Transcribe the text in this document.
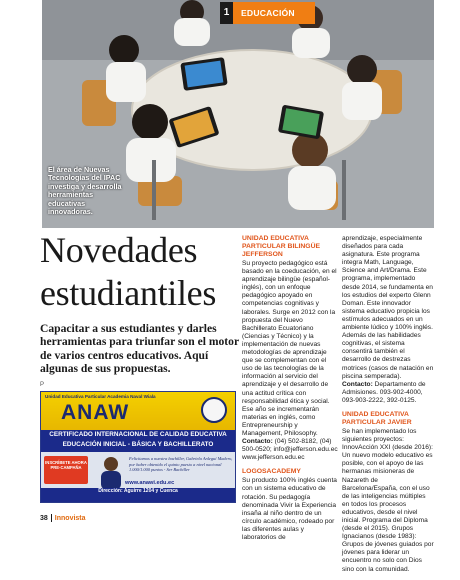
El área de Nuevas Tecnologías del IPAC investiga y desarrolla herramientas educativas innovadoras.
1	EDUCACIÓN
Novedades estudiantiles

Capacitar a sus estudiantes y darles herramientas para triunfar son el motor de varios centros educativos. Aquí algunas de sus propuestas.

P
Unidad Educativa Particular Academia Naval Wiala
ANAW
CERTIFICADO INTERNACIONAL DE CALIDAD EDUCATIVA
EDUCACIÓN INICIAL - BÁSICA Y BACHILLERATO
INSCRÍBETE AHORA PRE-CAMPAÑA
Felicitamos a nuestra bachiller, Gabriela Anleguí Madero, por haber obtenido el quinto puesto a nivel nacional 1.000/1.000 puntos - Ser Bachiller
www.anawi.edu.ec
Dirección: Aguirre 1204 y Cuenca
UNIDAD EDUCATIVA PARTICULAR BILINGÜE JEFFERSON

Su proyecto pedagógico está basado en la coeducación, en el aprendizaje bilingüe (español-inglés), con un enfoque pedagógico apoyado en competencias cognitivas y laborales. Surge en 2012 con la propuesta del Nuevo Bachillerato Ecuatoriano (Ciencias y Técnico) y la implementación de nuevas metodologías de aprendizaje que se complementan con el uso de las tecnologías de la información al servicio del aprendizaje y el desarrollo de una actitud crítica con responsabilidad ética y social. Ese año se incrementarán materias en inglés, como Entrepreneurship y Management, Philosophy.

Contacto: (04) 502-8182, (04) 500-0520; info@jefferson.edu.ec www.jefferson.edu.ec

LOGOSACADEMY

Su producto 100% inglés cuenta con un sistema educativo de rotación. Su pedagogía denominada Vivir la Experiencia insaña al niño dentro de un círculo académico, rodeado por las diferentes aulas y laboratorios de

aprendizaje, especialmente diseñados para cada asignatura. Este programa integra Math, Language, Science and Art/Drama. Este programa, implementado desde 2014, se fundamenta en los estudios del experto Glenn Doman. Este innovador sistema educativo propicia los estímulos adecuados en un ambiente lúdico y 100% inglés. Además de las habilidades cognitivas, el sistema consentirá también el desarrollo de destrezas motrices (casos de natación en piscina semperada).

Contacto: Departamento de Admisiones. 093-902-4000, 093-903-2222, 392-0125.

UNIDAD EDUCATIVA PARTICULAR JAVIER

Se han implementado los siguientes proyectos: InnovAcción XXI (desde 2016): Un nuevo modelo educativo es posible, con el apoyo de las hermanas misioneras de Nazareth de Barcelona/España, con el uso de las inteligencias múltiples en todos los procesos educativos, desde el nivel inicial. Programa del Diploma (desde el 2015). Grupos Ignacianos (desde 1983): Grupos de jóvenes guiados por jóvenes para liderar un encuentro no solo con Dios sino con la comunidad.

38 Innovista
